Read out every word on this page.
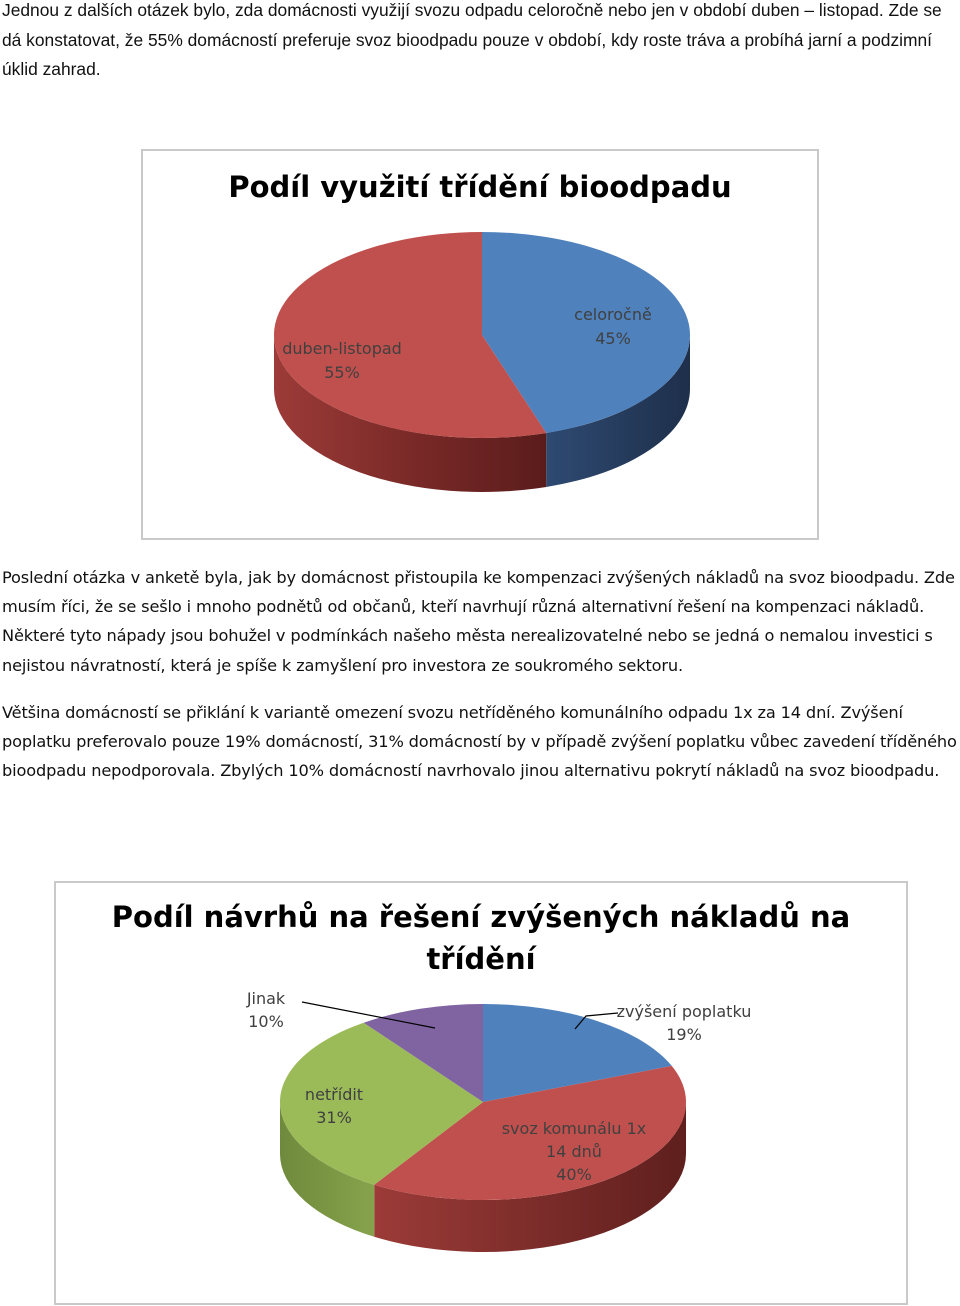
Jednou z dalších otázek bylo, zda domácnosti využijí svozu odpadu celoročně nebo jen v období duben – listopad. Zde se dá konstatovat, že 55% domácností preferuje svoz bioodpadu pouze v období, kdy roste tráva a probíhá jarní a podzimní úklid zahrad.

Podíl využití třídění bioodpadu
celoročně
45%
duben-listopad
55%

Poslední otázka v anketě byla, jak by domácnost přistoupila ke kompenzaci zvýšených nákladů na svoz bioodpadu. Zde musím říci, že se sešlo i mnoho podnětů od občanů, kteří navrhují různá alternativní řešení na kompenzaci nákladů. Některé tyto nápady jsou bohužel v podmínkách našeho města nerealizovatelné nebo se jedná o nemalou investici s nejistou návratností, která je spíše k zamyšlení pro investora ze soukromého sektoru.

Většina domácností se přiklání k variantě omezení svozu netříděného komunálního odpadu 1x za 14 dní. Zvýšení poplatku preferovalo pouze 19% domácností, 31% domácností by v případě zvýšení poplatku vůbec zavedení tříděného bioodpadu nepodporovala. Zbylých 10% domácností navrhovalo jinou alternativu pokrytí nákladů na svoz bioodpadu.

Podíl návrhů na řešení zvýšených nákladů na
třídění
Jinak
10%
zvýšení poplatku
19%
netřídit
31%
svoz komunálu 1x
14 dnů
40%
